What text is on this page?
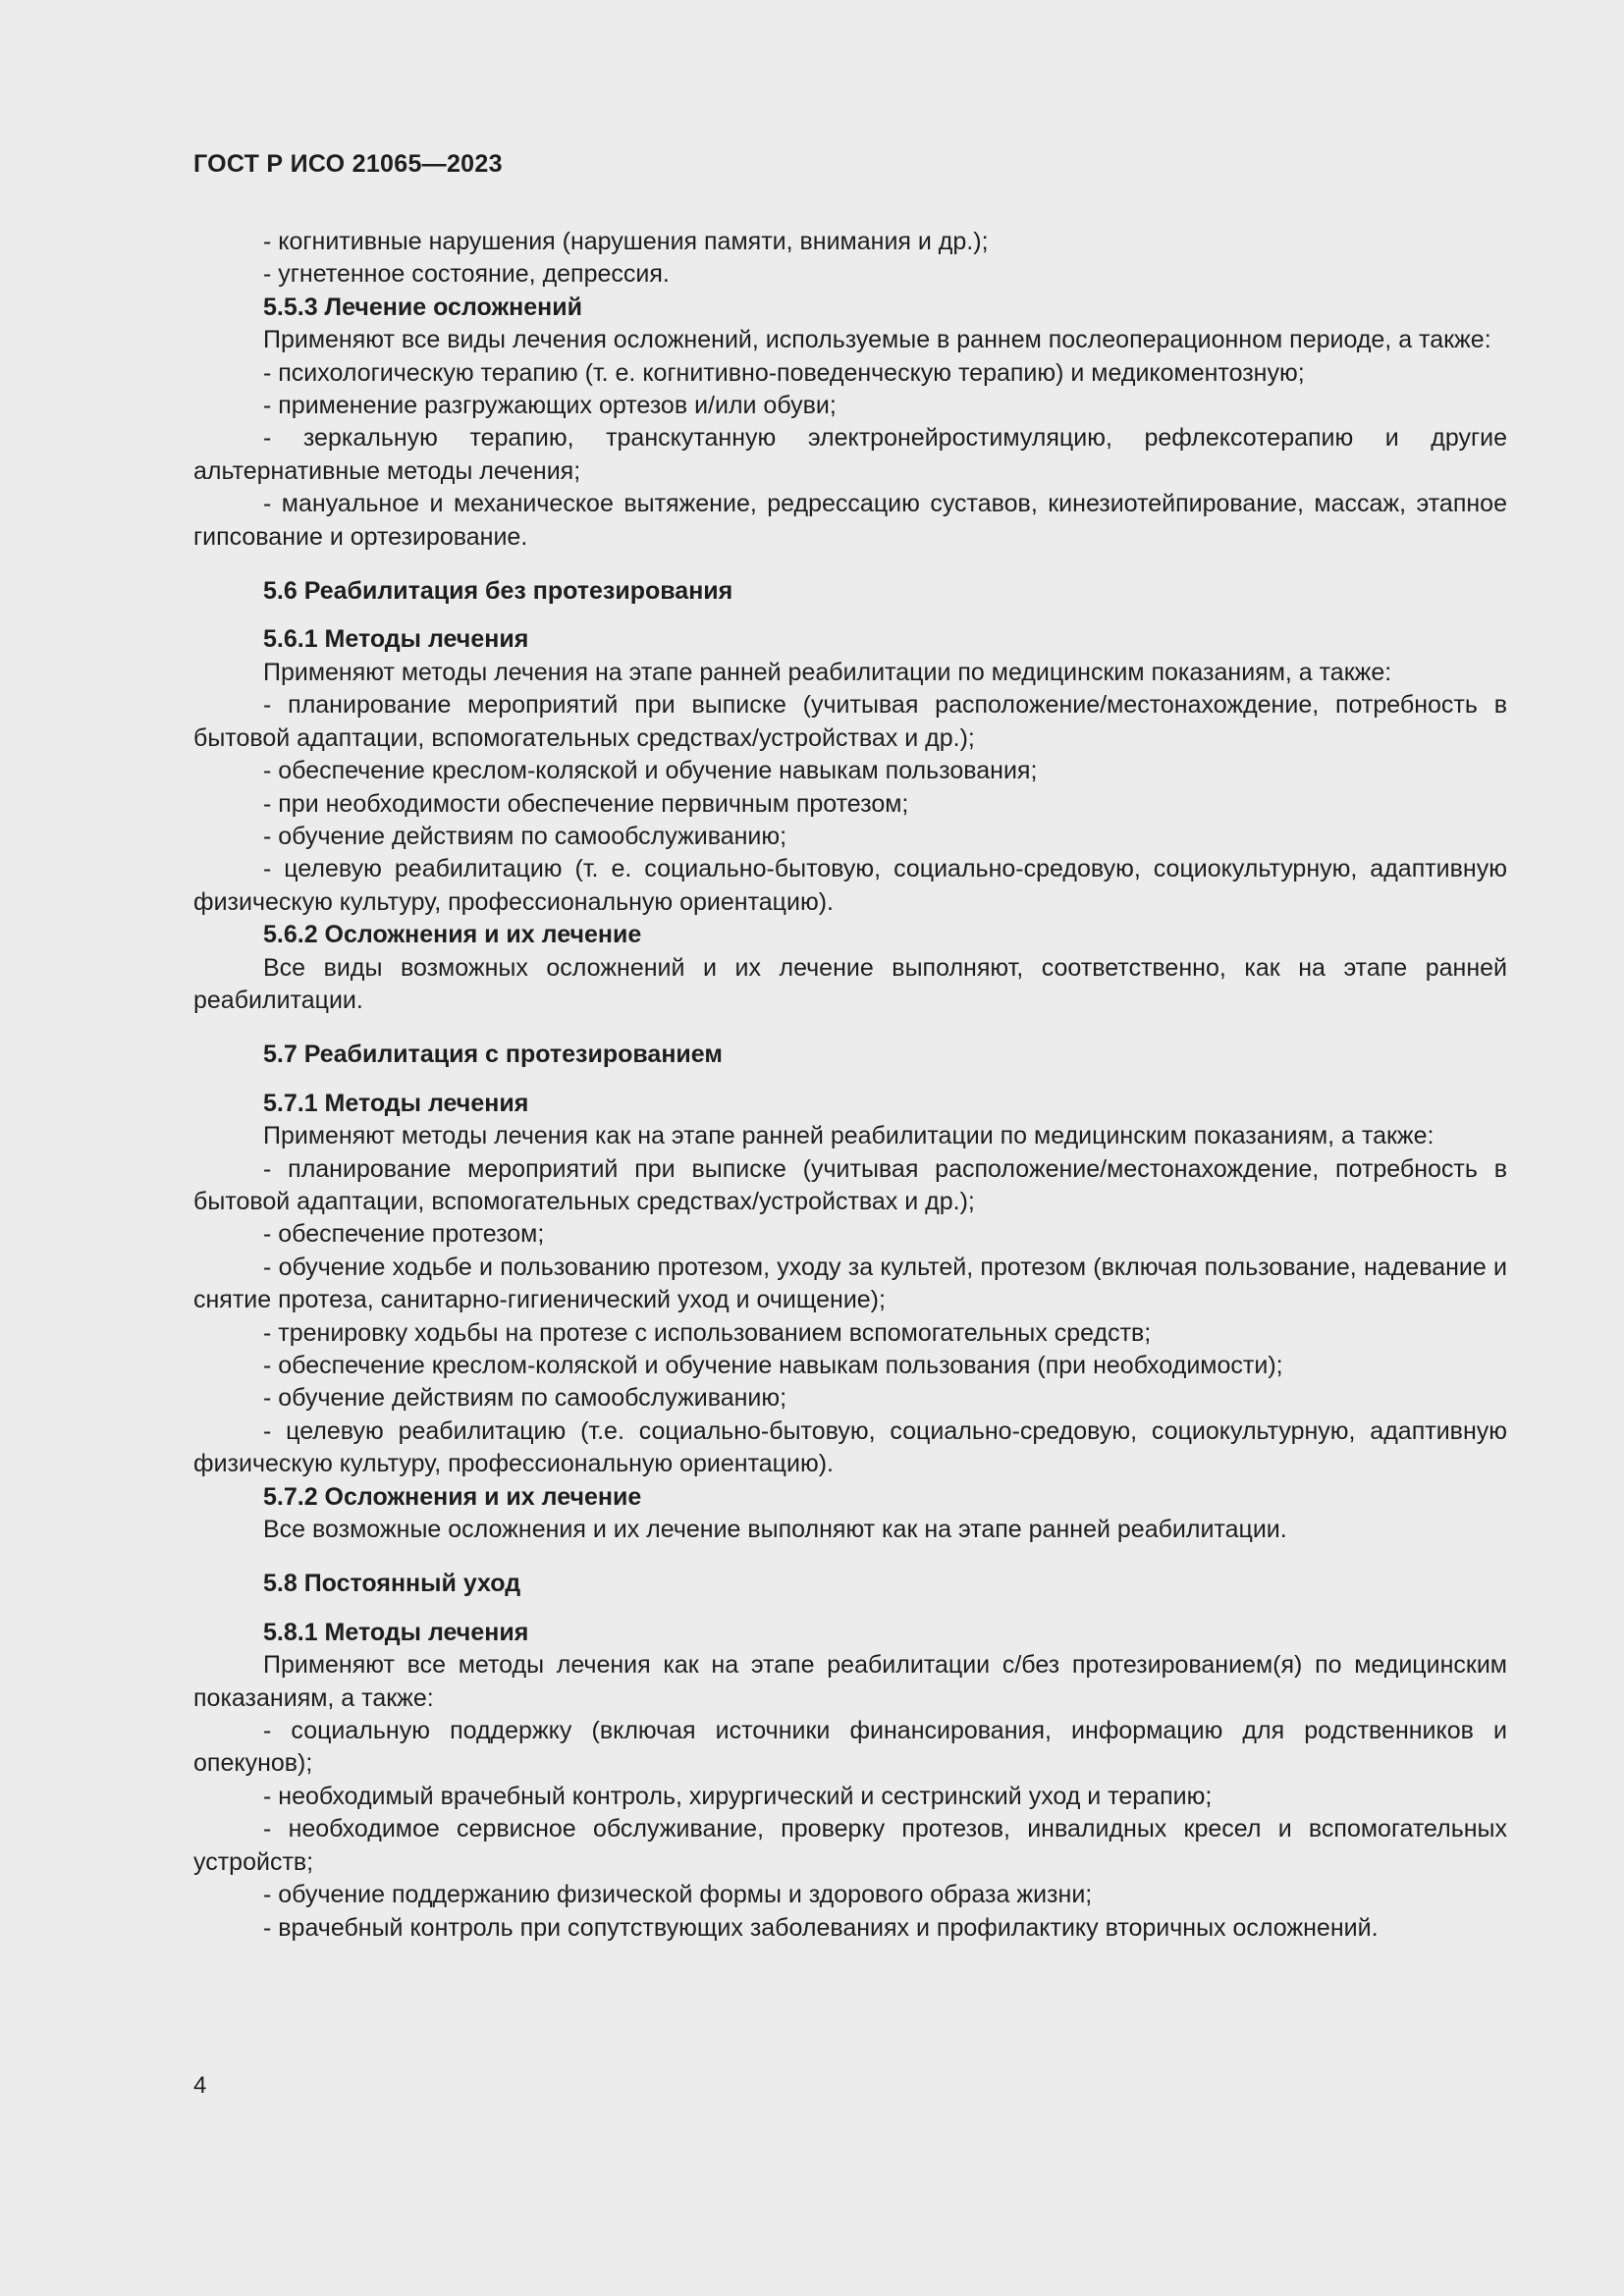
ГОСТ Р ИСО 21065—2023

- когнитивные нарушения (нарушения памяти, внимания и др.);

- угнетенное состояние, депрессия.

5.5.3 Лечение осложнений

Применяют все виды лечения осложнений, используемые в раннем послеоперационном периоде, а также:

- психологическую терапию (т. е. когнитивно-поведенческую терапию) и медикоментозную;

- применение разгружающих ортезов и/или обуви;

- зеркальную терапию, транскутанную электронейростимуляцию, рефлексотерапию и другие альтернативные методы лечения;

- мануальное и механическое вытяжение, редрессацию суставов, кинезиотейпирование, массаж, этапное гипсование и ортезирование.

5.6 Реабилитация без протезирования

5.6.1 Методы лечения

Применяют методы лечения на этапе ранней реабилитации по медицинским показаниям, а также:

- планирование мероприятий при выписке (учитывая расположение/местонахождение, потребность в бытовой адаптации, вспомогательных средствах/устройствах и др.);

- обеспечение креслом-коляской и обучение навыкам пользования;

- при необходимости обеспечение первичным протезом;

- обучение действиям по самообслуживанию;

- целевую реабилитацию (т. е. социально-бытовую, социально-средовую, социокультурную, адаптивную физическую культуру, профессиональную ориентацию).

5.6.2 Осложнения и их лечение

Все виды возможных осложнений и их лечение выполняют, соответственно, как на этапе ранней реабилитации.

5.7 Реабилитация с протезированием

5.7.1 Методы лечения

Применяют методы лечения как на этапе ранней реабилитации по медицинским показаниям, а также:

- планирование мероприятий при выписке (учитывая расположение/местонахождение, потребность в бытовой адаптации, вспомогательных средствах/устройствах и др.);

- обеспечение протезом;

- обучение ходьбе и пользованию протезом, уходу за культей, протезом (включая пользование, надевание и снятие протеза, санитарно-гигиенический уход и очищение);

- тренировку ходьбы на протезе с использованием вспомогательных средств;

- обеспечение креслом-коляской и обучение навыкам пользования (при необходимости);

- обучение действиям по самообслуживанию;

- целевую реабилитацию (т.е. социально-бытовую, социально-средовую, социокультурную, адаптивную физическую культуру, профессиональную ориентацию).

5.7.2 Осложнения и их лечение

Все возможные осложнения и их лечение выполняют как на этапе ранней реабилитации.

5.8 Постоянный уход

5.8.1 Методы лечения

Применяют все методы лечения как на этапе реабилитации с/без протезированием(я) по медицинским показаниям, а также:

- социальную поддержку (включая источники финансирования, информацию для родственников и опекунов);

- необходимый врачебный контроль, хирургический и сестринский уход и терапию;

- необходимое сервисное обслуживание, проверку протезов, инвалидных кресел и вспомогательных устройств;

- обучение поддержанию физической формы и здорового образа жизни;

- врачебный контроль при сопутствующих заболеваниях и профилактику вторичных осложнений.

4
